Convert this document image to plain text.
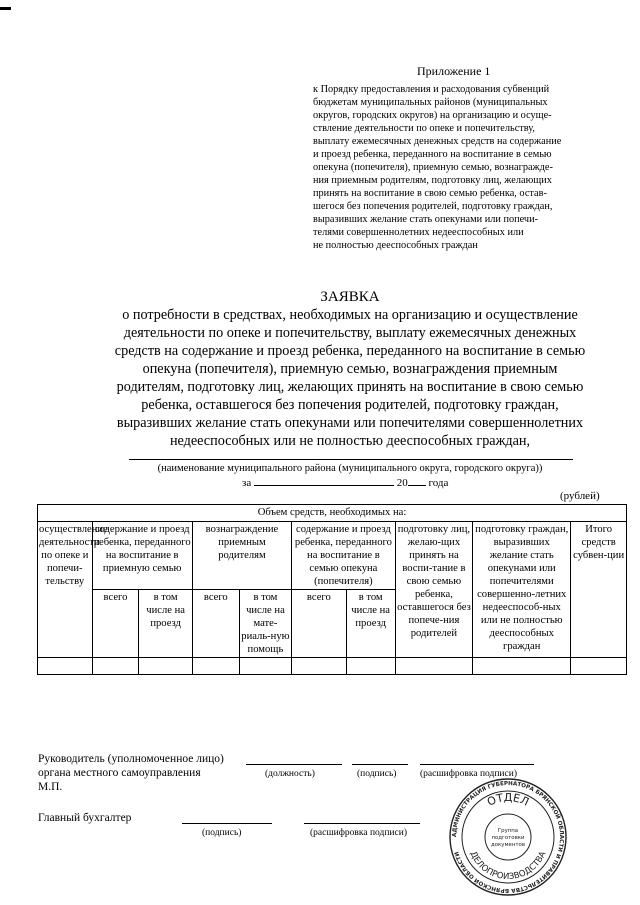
Приложение 1
к Порядку предоставления и расходования субвенций
бюджетам муниципальных районов (муниципальных
округов, городских округов) на организацию и осуще-
ствление деятельности по опеке и попечительству,
выплату ежемесячных денежных средств на содержание
и проезд ребенка, переданного на воспитание в семью
опекуна (попечителя), приемную семью, вознагражде-
ния приемным родителям, подготовку лиц, желающих
принять на воспитание в свою семью ребенка, остав-
шегося без попечения родителей, подготовку граждан,
выразивших желание стать опекунами или попечи-
телями совершеннолетних недееспособных или
не полностью дееспособных граждан
ЗАЯВКА
о потребности в средствах, необходимых на организацию и осуществление
деятельности по опеке и попечительству, выплату ежемесячных денежных
средств на содержание и проезд ребенка, переданного на воспитание в семью
опекуна (попечителя), приемную семью, вознаграждения приемным
родителям, подготовку лиц, желающих принять на воспитание в свою семью
ребенка, оставшегося без попечения родителей, подготовку граждан,
выразивших желание стать опекунами или попечителями совершеннолетних
недееспособных или не полностью дееспособных граждан,
(наименование муниципального района (муниципального округа, городского округа))
за	20 года
(рублей)
Объем средств, необходимых на:									
осуществление деятельности по опеке и попечи-тельству	содержание и проезд ребенка, переданного на воспитание в приемную семью		вознаграждение приемным родителям		содержание и проезд ребенка, переданного на воспитание в семью опекуна (попечителя)		подготовку лиц, желаю-щих принять на воспи-тание в свою семью ребенка, оставшегося без попече-ния родителей	подготовку граждан, выразивших желание стать опекунами или попечителями совершенно-летних недееспособ-ных или не полностью дееспособных граждан	Итого средств субвен-ции
	всего	в том числе на проезд	всего	в том числе на мате-риаль-ную помощь	всего	в том числе на проезд			

Руководитель (уполномоченное лицо)
органа местного самоуправления
М.П.
(должность)	(подпись) (расшифровка подписи)
Главный бухгалтер
(подпись)	(расшифровка подписи)	АДМИНИСТРАЦИЯ ГУБЕРНАТОРА БРЯНСКОЙ ОБЛАСТИ И ПРАВИТЕЛЬСТВА БРЯНСКОЙ ОБЛАСТИ
ОТДЕЛ
ДЕЛОПРОИЗВОДСТВА
Группа
подготовки
документов
